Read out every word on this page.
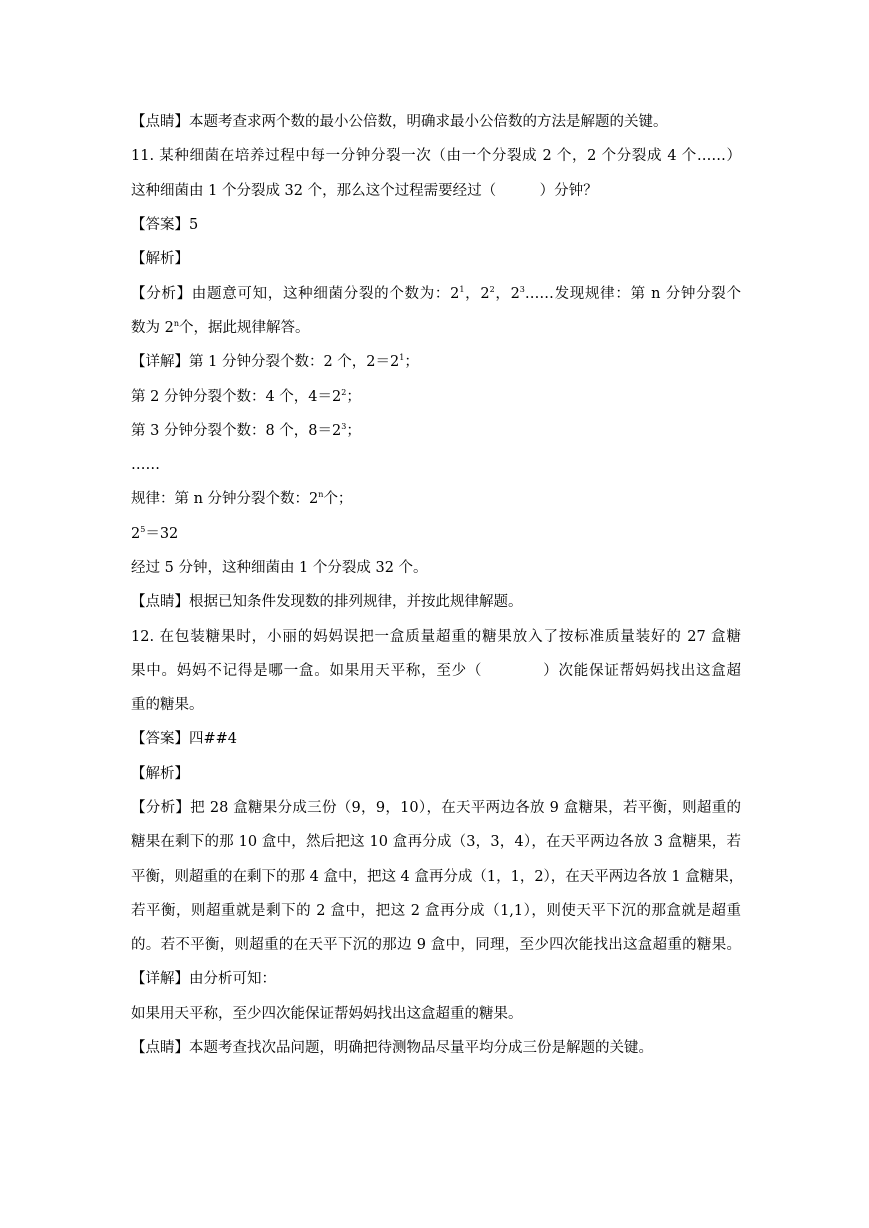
【点睛】本题考查求两个数的最小公倍数，明确求最小公倍数的方法是解题的关键。
11. 某种细菌在培养过程中每一分钟分裂一次（由一个分裂成 2 个，2 个分裂成 4 个……）
这种细菌由 1 个分裂成 32 个，那么这个过程需要经过（　　　）分钟？
【答案】5
【解析】
【分析】由题意可知，这种细菌分裂的个数为：$2^1$，$2^2$，$2^3\dots\dots$发现规律：第 n 分钟分裂个
数为 2$^n$个，据此规律解答。
【详解】第 1 分钟分裂个数：2 个，$2=2^1$；
第 2 分钟分裂个数：4 个，$4=2^2$；
第 3 分钟分裂个数：8 个，$8=2^3$；
……
规律：第 n 分钟分裂个数：2$^n$个；
$2^5=32$
经过 5 分钟，这种细菌由 1 个分裂成 32 个。
【点睛】根据已知条件发现数的排列规律，并按此规律解题。
12. 在包装糖果时，小丽的妈妈误把一盒质量超重的糖果放入了按标准质量装好的 27 盒糖
果中。妈妈不记得是哪一盒。如果用天平称，至少（　　　　）次能保证帮妈妈找出这盒超
重的糖果。
【答案】四##4
【解析】
【分析】把 28 盒糖果分成三份（9，9，10），在天平两边各放 9 盒糖果，若平衡，则超重的
糖果在剩下的那 10 盒中，然后把这 10 盒再分成（3，3，4），在天平两边各放 3 盒糖果，若
平衡，则超重的在剩下的那 4 盒中，把这 4 盒再分成（1，1，2），在天平两边各放 1 盒糖果，
若平衡，则超重就是剩下的 2 盒中，把这 2 盒再分成（1,1），则使天平下沉的那盒就是超重
的。若不平衡，则超重的在天平下沉的那边 9 盒中，同理，至少四次能找出这盒超重的糖果。
【详解】由分析可知：
如果用天平称，至少四次能保证帮妈妈找出这盒超重的糖果。
【点睛】本题考查找次品问题，明确把待测物品尽量平均分成三份是解题的关键。
